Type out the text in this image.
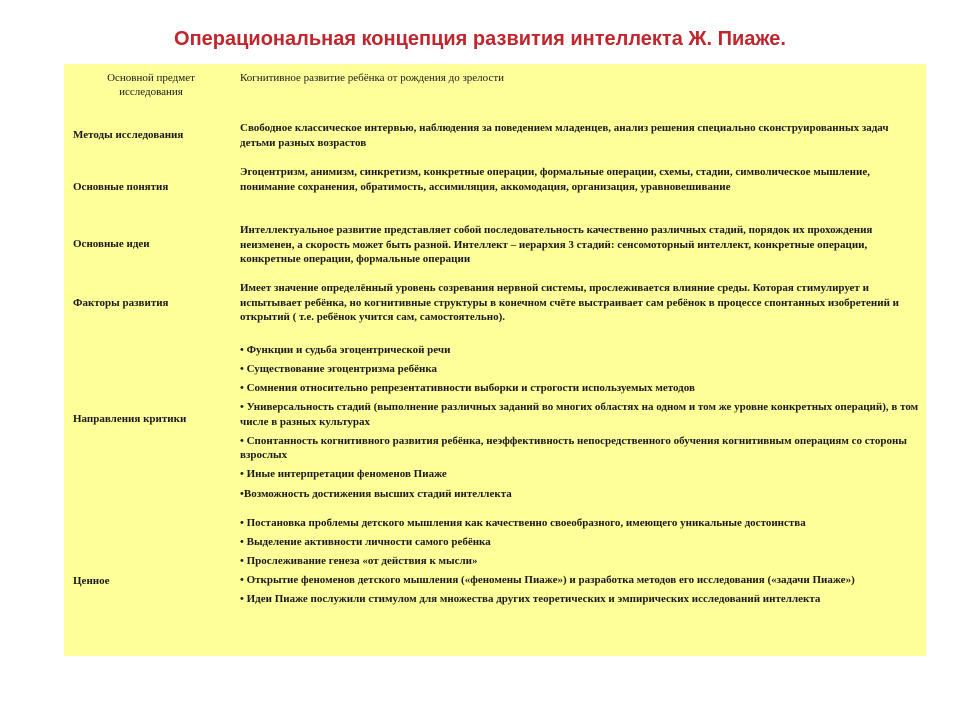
Операциональная концепция развития интеллекта Ж. Пиаже.
Основной предмет исследования
Когнитивное развитие ребёнка от рождения до зрелости
Методы исследования
Свободное классическое интервью, наблюдения за поведением младенцев, анализ решения специально сконструированных задач детьми разных возрастов
Основные понятия
Эгоцентризм, анимизм, синкретизм, конкретные операции, формальные операции, схемы, стадии, символическое мышление, понимание сохранения, обратимость, ассимиляция, аккомодация, организация, уравновешивание
Основные идеи
Интеллектуальное развитие представляет собой последовательность качественно различных стадий, порядок их прохождения неизменен, а скорость может быть разной. Интеллект – иерархия 3 стадий: сенсомоторный интеллект, конкретные операции, конкретные операции, формальные операции
Факторы развития
Имеет значение определённый уровень созревания нервной системы, прослеживается влияние среды. Которая стимулирует и испытывает ребёнка, но когнитивные структуры в конечном счёте выстраивает сам ребёнок в процессе спонтанных изобретений и открытий ( т.е. ребёнок учится сам, самостоятельно).
Направления критики
• Функции и судьба эгоцентрической речи
• Существование эгоцентризма ребёнка
• Сомнения относительно репрезентативности выборки и строгости используемых методов
• Универсальность стадий (выполнение различных заданий во многих областях на одном и том же уровне конкретных операций), в том числе в разных культурах
• Спонтанность когнитивного развития ребёнка, неэффективность непосредственного обучения когнитивным операциям со стороны взрослых
• Иные интерпретации феноменов Пиаже
•Возможность достижения высших стадий интеллекта
Ценное
• Постановка проблемы детского мышления как качественно своеобразного, имеющего уникальные достоинства
• Выделение активности личности самого ребёнка
• Прослеживание генеза «от действия к мысли»
• Открытие феноменов детского мышления («феномены Пиаже») и разработка методов его исследования («задачи Пиаже»)
• Идеи Пиаже послужили стимулом для множества других теоретических и эмпирических исследований интеллекта
